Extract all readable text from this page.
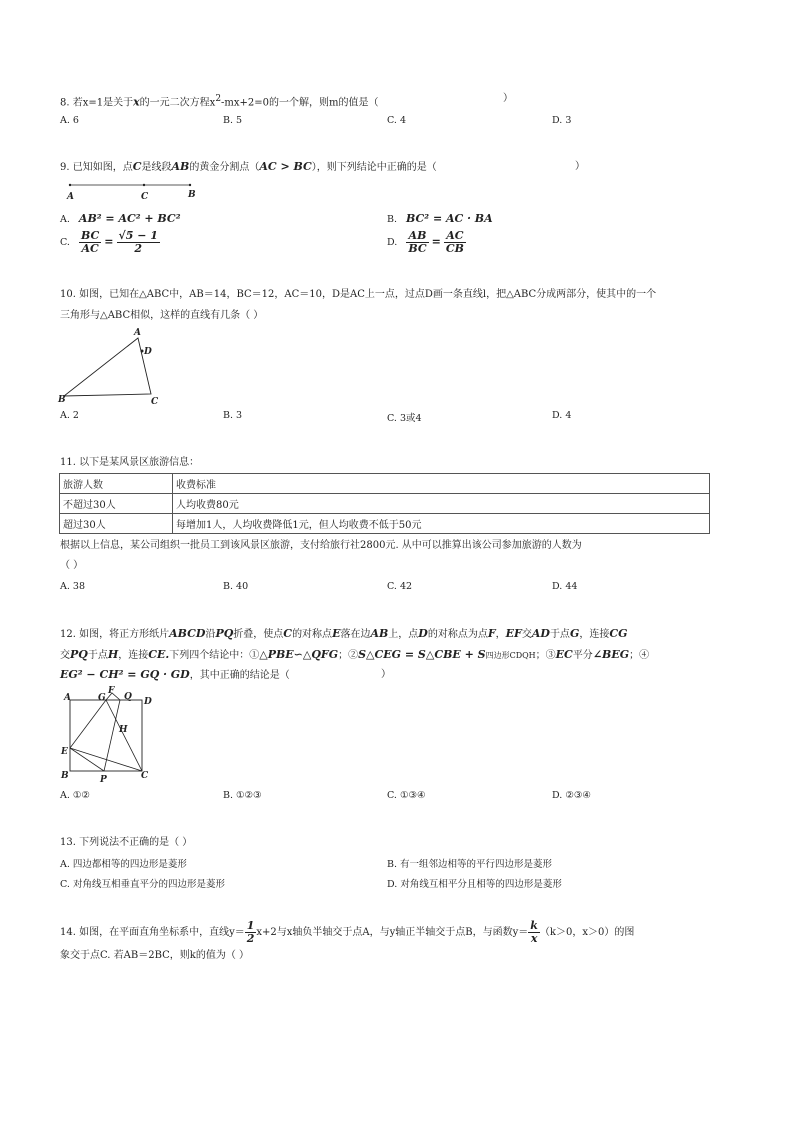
8. 若x=1是关于x的一元二次方程$x^2-mx+2=0$的一个解，则m的值是（	）
A. 6	B. 5	C. 4	D. 3
9. 已知如图，点C是线段AB的黄金分割点（AC > BC），则下列结论中正确的是（	）
A	C	B
A. AB² = AC² + BC²	B. BC² = AC · BA
C. $\frac{BC}{AC} = \frac{√5 - 1}{2}$	D. $\frac{AB}{BC} = \frac{AC}{CB}$
10. 如图，已知在△ABC中，AB＝14，BC＝12，AC＝10，D是AC上一点，过点D画一条直线l，把△ABC分成两部分，使其中的一个
三角形与△ABC相似，这样的直线有几条（ ）
A
D
B	C
A. 2	B. 3	C. 3或4	D. 4
11. 以下是某风景区旅游信息：
旅游人数	收费标准
不超过30人	人均收费80元
超过30人	每增加1人，人均收费降低1元，但人均收费不低于50元
根据以上信息，某公司组织一批员工到该风景区旅游，支付给旅行社2800元. 从中可以推算出该公司参加旅游的人数为
（ ）
A. 38	B. 40	C. 42	D. 44
12. 如图，将正方形纸片ABCD沿PQ折叠，使点C的对称点E落在边AB上，点D的对称点为点F，EF交AD于点G，连接CG
交PQ于点H，连接CE.下列四个结论中：①△PBE∽△QFG；②S△CEG = S△CBE + S四边形CDQH；③EC平分∠BEG；④
EG² − CH² = GQ · GD，其中正确的结论是（	）
A	G
F
Q D
H
E
B	P	C
A. ①②	B. ①②③	C. ①③④	D. ②③④
13. 下列说法不正确的是（ ）
A. 四边都相等的四边形是菱形	B. 有一组邻边相等的平行四边形是菱形
C. 对角线互相垂直平分的四边形是菱形	D. 对角线互相平分且相等的四边形是菱形
14. 如图，在平面直角坐标系中，直线$y= \frac{1}{2} x+2$与x轴负半轴交于点A，与y轴正半轴交于点B，与函数$y= \frac{k}{x} (k>0$，x＞0）的图
象交于点C. 若AB＝2BC，则k的值为（ ）
